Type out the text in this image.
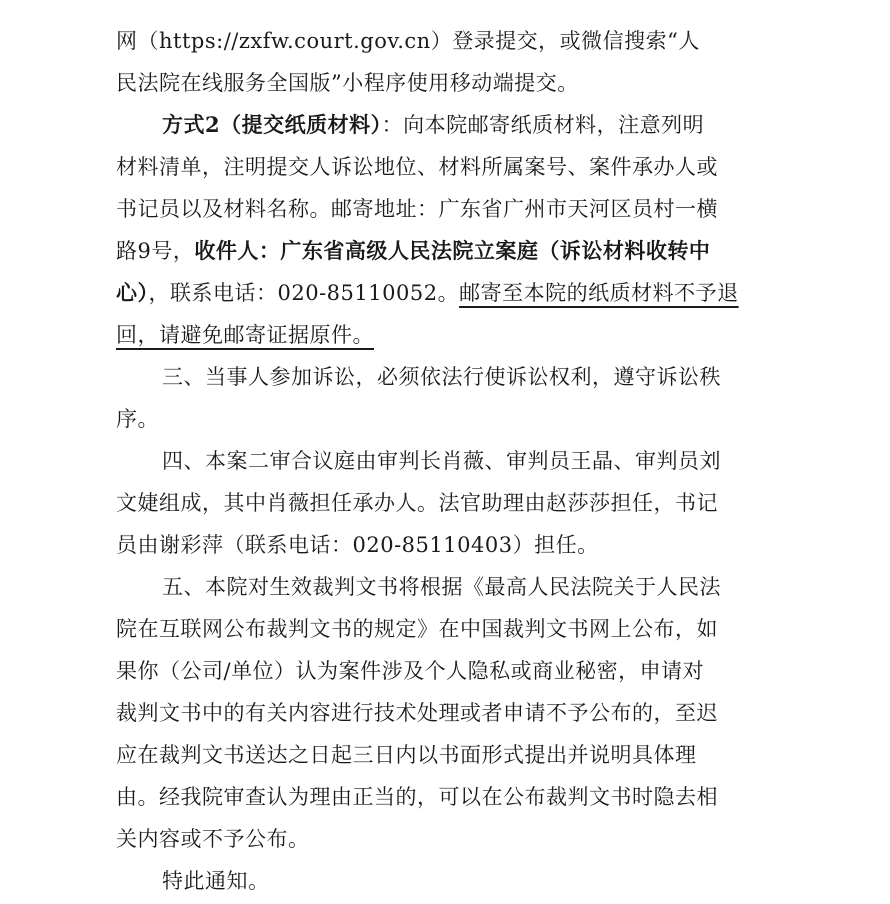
网（https://zxfw.court.gov.cn）登录提交，或微信搜索“人
民法院在线服务全国版”小程序使用移动端提交。
方式2（提交纸质材料）：向本院邮寄纸质材料，注意列明
材料清单，注明提交人诉讼地位、材料所属案号、案件承办人或
书记员以及材料名称。邮寄地址：广东省广州市天河区员村一横
路9号，收件人：广东省高级人民法院立案庭（诉讼材料收转中
心），联系电话：020-85110052。邮寄至本院的纸质材料不予退
回，请避免邮寄证据原件。
三、当事人参加诉讼，必须依法行使诉讼权利，遵守诉讼秩
序。
四、本案二审合议庭由审判长肖薇、审判员王晶、审判员刘
文婕组成，其中肖薇担任承办人。法官助理由赵莎莎担任，书记
员由谢彩萍（联系电话：020-85110403）担任。
五、本院对生效裁判文书将根据《最高人民法院关于人民法
院在互联网公布裁判文书的规定》在中国裁判文书网上公布，如
果你（公司/单位）认为案件涉及个人隐私或商业秘密，申请对
裁判文书中的有关内容进行技术处理或者申请不予公布的，至迟
应在裁判文书送达之日起三日内以书面形式提出并说明具体理
由。经我院审查认为理由正当的，可以在公布裁判文书时隐去相
关内容或不予公布。
特此通知。
